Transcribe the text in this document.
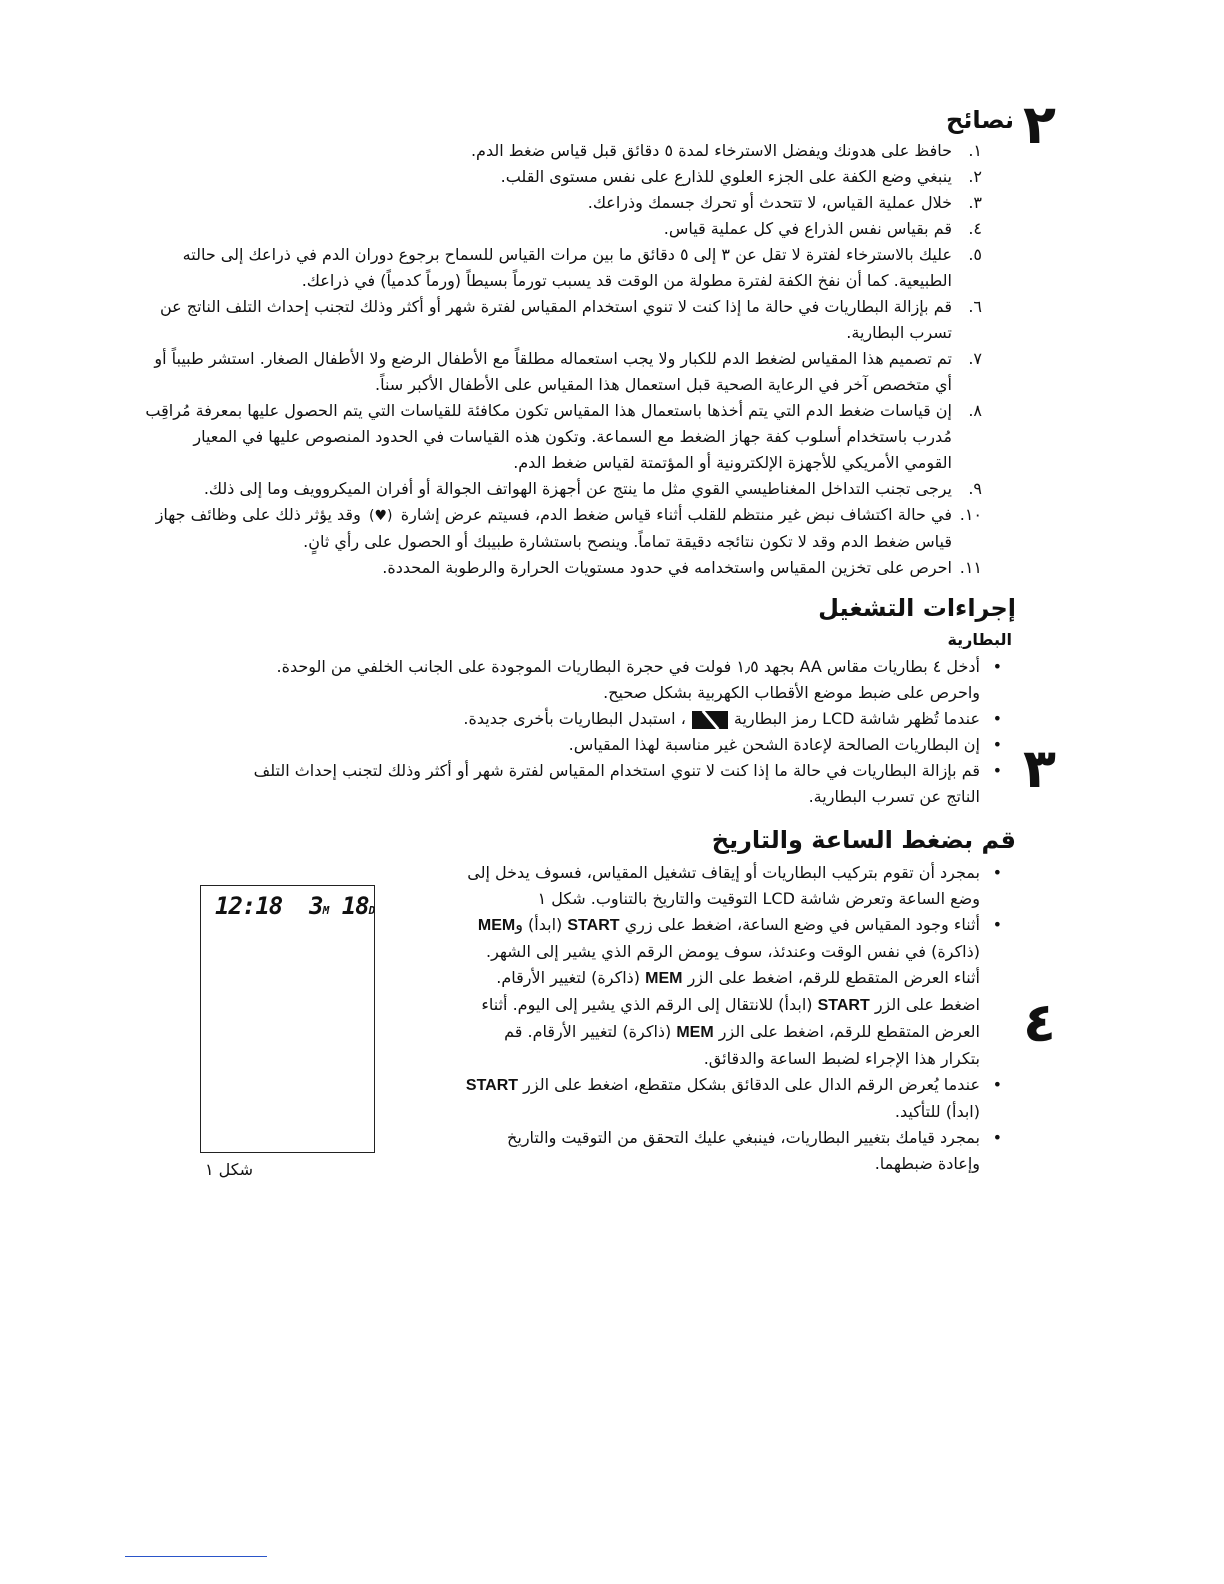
٢
نصائح
١.
حافظ على هدونك ويفضل الاسترخاء لمدة ٥ دقائق قبل قياس ضغط الدم.
٢.
ينبغي وضع الكفة على الجزء العلوي للذارع على نفس مستوى القلب.
٣.
خلال عملية القياس، لا تتحدث أو تحرك جسمك وذراعك.
٤.
قم بقياس نفس الذراع في كل عملية قياس.
٥.
عليك بالاسترخاء لفترة لا تقل عن ٣ إلى ٥ دقائق ما بين مرات القياس للسماح برجوع دوران الدم في ذراعك إلى حالته الطبيعية. كما أن نفخ الكفة لفترة مطولة من الوقت قد يسبب تورماً بسيطاً (ورماً كدمياً) في ذراعك.
٦.
قم بإزالة البطاريات في حالة ما إذا كنت لا تنوي استخدام المقياس لفترة شهر أو أكثر وذلك لتجنب إحداث التلف الناتج عن تسرب البطارية.
٧.
تم تصميم هذا المقياس لضغط الدم للكبار ولا يجب استعماله مطلقاً مع الأطفال الرضع ولا الأطفال الصغار. استشر طبيباً أو أي متخصص آخر في الرعاية الصحية قبل استعمال هذا المقياس على الأطفال الأكبر سناً.
٨.
إن قياسات ضغط الدم التي يتم أخذها باستعمال هذا المقياس تكون مكافئة للقياسات التي يتم الحصول عليها بمعرفة مُراقِب مُدرب باستخدام أسلوب كفة جهاز الضغط مع السماعة. وتكون هذه القياسات في الحدود المنصوص عليها في المعيار القومي الأمريكي للأجهزة الإلكترونية أو المؤتمتة لقياس ضغط الدم.
٩.
يرجى تجنب التداخل المغناطيسي القوي مثل ما ينتج عن أجهزة الهواتف الجوالة أو أفران الميكروويف وما إلى ذلك.
١٠.
في حالة اكتشاف نبض غير منتظم للقلب أثناء قياس ضغط الدم، فسيتم عرض إشارة(♥)وقد يؤثر ذلك على وظائف جهاز قياس ضغط الدم وقد لا تكون نتائجه دقيقة تماماً. وينصح باستشارة طبيبك أو الحصول على رأي ثانٍ.
١١.
احرص على تخزين المقياس واستخدامه في حدود مستويات الحرارة والرطوبة المحددة.
إجراءات التشغيل
البطارية
٣
•
أدخل ٤ بطاريات مقاس AA بجهد ١٫٥ فولت في حجرة البطاريات الموجودة على الجانب الخلفي من الوحدة. واحرص على ضبط موضع الأقطاب الكهربية بشكل صحيح.
•
عندما تُظهر شاشة LCD رمز البطارية، استبدل البطاريات بأخرى جديدة.
•
إن البطاريات الصالحة لإعادة الشحن غير مناسبة لهذا المقياس.
•
قم بإزالة البطاريات في حالة ما إذا كنت لا تنوي استخدام المقياس لفترة شهر أو أكثر وذلك لتجنب إحداث التلف الناتج عن تسرب البطارية.
قم بضغط الساعة والتاريخ
٤
•
بمجرد أن تقوم بتركيب البطاريات أو إيقاف تشغيل المقياس، فسوف يدخل إلى وضع الساعة وتعرض شاشة LCD التوقيت والتاريخ بالتناوب. شكل ١
•
أثناء وجود المقياس في وضع الساعة، اضغط على زري START (ابدأ) وMEM (ذاكرة) في نفس الوقت وعندئذ، سوف يومض الرقم الذي يشير إلى الشهر. أثناء العرض المتقطع للرقم، اضغط على الزر MEM (ذاكرة) لتغيير الأرقام. اضغط على الزر START (ابدأ) للانتقال إلى الرقم الذي يشير إلى اليوم. أثناء العرض المتقطع للرقم، اضغط على الزر MEM (ذاكرة) لتغيير الأرقام. قم بتكرار هذا الإجراء لضبط الساعة والدقائق.
•
عندما يُعرض الرقم الدال على الدقائق بشكل متقطع، اضغط على الزر START (ابدأ) للتأكيد.
•
بمجرد قيامك بتغيير البطاريات، فينبغي عليك التحقق من التوقيت والتاريخ وإعادة ضبطهما.
12:18 3M 18D
شكل ١
